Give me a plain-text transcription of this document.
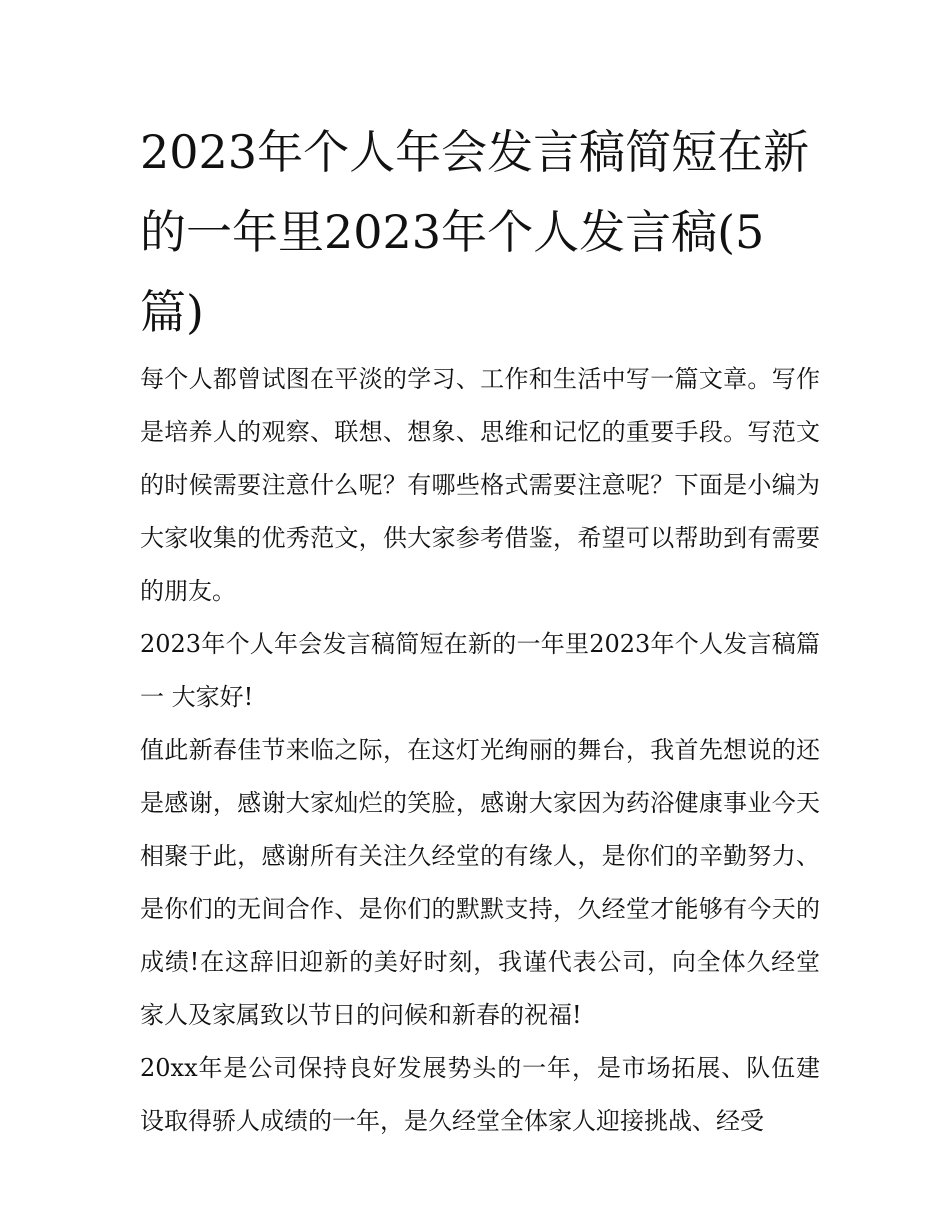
2023年个人年会发言稿简短在新的一年里2023年个人发言稿(5篇)

每个人都曾试图在平淡的学习、工作和生活中写一篇文章。写作是培养人的观察、联想、想象、思维和记忆的重要手段。写范文的时候需要注意什么呢？有哪些格式需要注意呢？下面是小编为大家收集的优秀范文，供大家参考借鉴，希望可以帮助到有需要的朋友。

2023年个人年会发言稿简短在新的一年里2023年个人发言稿篇一 大家好!

值此新春佳节来临之际，在这灯光绚丽的舞台，我首先想说的还是感谢，感谢大家灿烂的笑脸，感谢大家因为药浴健康事业今天相聚于此，感谢所有关注久经堂的有缘人，是你们的辛勤努力、是你们的无间合作、是你们的默默支持，久经堂才能够有今天的成绩!在这辞旧迎新的美好时刻，我谨代表公司，向全体久经堂家人及家属致以节日的问候和新春的祝福!

20xx年是公司保持良好发展势头的一年，是市场拓展、队伍建设取得骄人成绩的一年，是久经堂全体家人迎接挑战、经受
